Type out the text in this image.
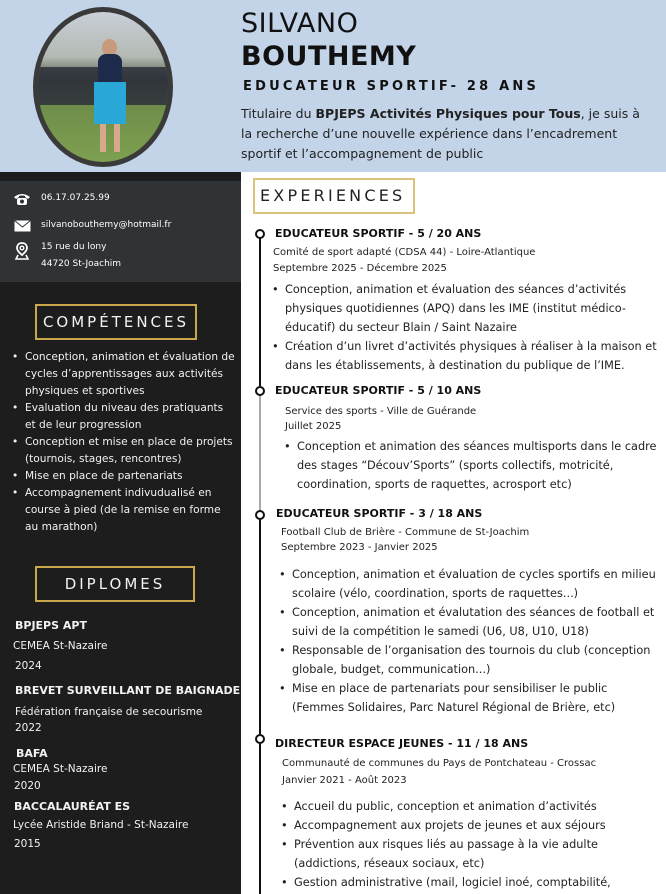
SILVANO
BOUTHEMY
EDUCATEUR SPORTIF- 28 ANS
Titulaire du BPJEPS Activités Physiques pour Tous, je suis à la recherche d’une nouvelle expérience dans l’encadrement sportif et l’accompagnement de public
06.17.07.25.99
silvanobouthemy@hotmail.fr
15 rue du lony
44720 St-Joachim
COMPÉTENCES
• Conception, animation et évaluation de cycles d’apprentissages aux activités physiques et sportives
• Evaluation du niveau des pratiquants et de leur progression
• Conception et mise en place de projets (tournois, stages, rencontres)
• Mise en place de partenariats
• Accompagnement indivudualisé en course à pied (de la remise en forme au marathon)
DIPLOMES
BPJEPS APT
CEMEA St-Nazaire
2024
BREVET SURVEILLANT DE BAIGNADE
Fédération française de secourisme
2022
BAFA
CEMEA St-Nazaire
2020
BACCALAURÉAT ES
Lycée Aristide Briand - St-Nazaire
2015
EXPERIENCES
EDUCATEUR SPORTIF - 5 / 20 ANS
Comité de sport adapté (CDSA 44) - Loire-Atlantique
Septembre 2025 - Décembre 2025
• Conception, animation et évaluation des séances d’activités physiques quotidiennes (APQ) dans les IME (institut médico-éducatif) du secteur Blain / Saint Nazaire
• Création d’un livret d’activités physiques à réaliser à la maison et dans les établissements, à destination du publique de l’IME.
EDUCATEUR SPORTIF - 5 / 10 ANS
Service des sports - Ville de Guérande
Juillet 2025
• Conception et animation des séances multisports dans le cadre des stages “Découv’Sports” (sports collectifs, motricité, coordination, sports de raquettes, acrosport etc)
EDUCATEUR SPORTIF - 3 / 18 ANS
Football Club de Brière - Commune de St-Joachim
Septembre 2023 - Janvier 2025
• Conception, animation et évaluation de cycles sportifs en milieu scolaire (vélo, coordination, sports de raquettes...)
• Conception, animation et évalutation des séances de football et suivi de la compétition le samedi (U6, U8, U10, U18)
• Responsable de l’organisation des tournois du club (conception globale, budget, communication...)
• Mise en place de partenariats pour sensibiliser le public (Femmes Solidaires, Parc Naturel Régional de Brière, etc)
DIRECTEUR ESPACE JEUNES - 11 / 18 ANS
Communauté de communes du Pays de Pontchateau - Crossac
Janvier 2021 - Août 2023
• Accueil du public, conception et animation d’activités
• Accompagnement aux projets de jeunes et aux séjours
• Prévention aux risques liés au passage à la vie adulte (addictions, réseaux sociaux, etc)
• Gestion administrative (mail, logiciel inoé, comptabilité,
